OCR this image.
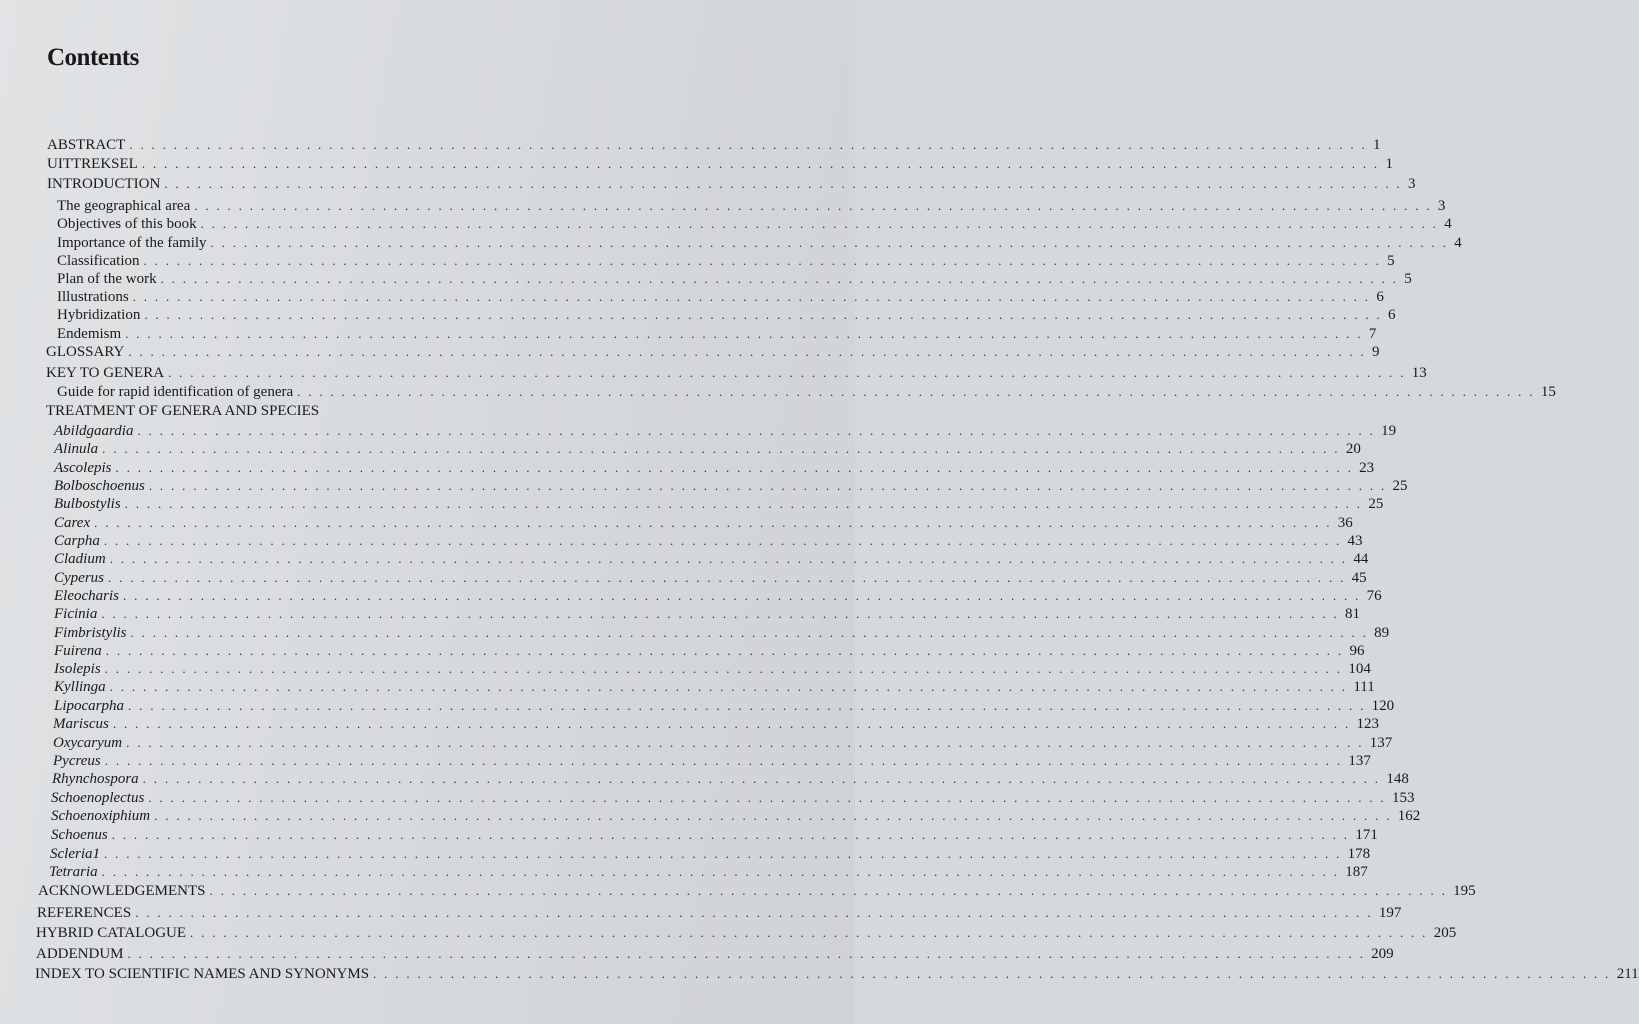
Contents
ABSTRACT . . . . . . . . . . . . . . . . . . . . . . . . . . . . . . . . . . . . . . . . . . . . . . . . . . . . . . . . . . . . . . . . . . . . . . . . . . . . . . . . . . . . . . . . . . . . . . . . . . . . . . . . . . . . . . . . 1
UITTREKSEL . . . . . . . . . . . . . . . . . . . . . . . . . . . . . . . . . . . . . . . . . . . . . . . . . . . . . . . . . . . . . . . . . . . . . . . . . . . . . . . . . . . . . . . . . . . . . . . . . . . . . . . . . . . . . . . . 1
INTRODUCTION . . . . . . . . . . . . . . . . . . . . . . . . . . . . . . . . . . . . . . . . . . . . . . . . . . . . . . . . . . . . . . . . . . . . . . . . . . . . . . . . . . . . . . . . . . . . . . . . . . . . . . . . . . . . . . . . 3
The geographical area . . . . . . . . . . . . . . . . . . . . . . . . . . . . . . . . . . . . . . . . . . . . . . . . . . . . . . . . . . . . . . . . . . . . . . . . . . . . . . . . . . . . . . . . . . . . . . . . . . . . . . . . . . . . . . . . 3
Objectives of this book . . . . . . . . . . . . . . . . . . . . . . . . . . . . . . . . . . . . . . . . . . . . . . . . . . . . . . . . . . . . . . . . . . . . . . . . . . . . . . . . . . . . . . . . . . . . . . . . . . . . . . . . . . . . . . . . 4
Importance of the family . . . . . . . . . . . . . . . . . . . . . . . . . . . . . . . . . . . . . . . . . . . . . . . . . . . . . . . . . . . . . . . . . . . . . . . . . . . . . . . . . . . . . . . . . . . . . . . . . . . . . . . . . . . . . . . . 4
Classification . . . . . . . . . . . . . . . . . . . . . . . . . . . . . . . . . . . . . . . . . . . . . . . . . . . . . . . . . . . . . . . . . . . . . . . . . . . . . . . . . . . . . . . . . . . . . . . . . . . . . . . . . . . . . . . . 5
Plan of the work . . . . . . . . . . . . . . . . . . . . . . . . . . . . . . . . . . . . . . . . . . . . . . . . . . . . . . . . . . . . . . . . . . . . . . . . . . . . . . . . . . . . . . . . . . . . . . . . . . . . . . . . . . . . . . . . 5
Illustrations . . . . . . . . . . . . . . . . . . . . . . . . . . . . . . . . . . . . . . . . . . . . . . . . . . . . . . . . . . . . . . . . . . . . . . . . . . . . . . . . . . . . . . . . . . . . . . . . . . . . . . . . . . . . . . . . 6
Hybridization . . . . . . . . . . . . . . . . . . . . . . . . . . . . . . . . . . . . . . . . . . . . . . . . . . . . . . . . . . . . . . . . . . . . . . . . . . . . . . . . . . . . . . . . . . . . . . . . . . . . . . . . . . . . . . . . 6
Endemism . . . . . . . . . . . . . . . . . . . . . . . . . . . . . . . . . . . . . . . . . . . . . . . . . . . . . . . . . . . . . . . . . . . . . . . . . . . . . . . . . . . . . . . . . . . . . . . . . . . . . . . . . . . . . . . . 7
GLOSSARY . . . . . . . . . . . . . . . . . . . . . . . . . . . . . . . . . . . . . . . . . . . . . . . . . . . . . . . . . . . . . . . . . . . . . . . . . . . . . . . . . . . . . . . . . . . . . . . . . . . . . . . . . . . . . . . . 9
KEY TO GENERA . . . . . . . . . . . . . . . . . . . . . . . . . . . . . . . . . . . . . . . . . . . . . . . . . . . . . . . . . . . . . . . . . . . . . . . . . . . . . . . . . . . . . . . . . . . . . . . . . . . . . . . . . . . . . . . . 13
Guide for rapid identification of genera . . . . . . . . . . . . . . . . . . . . . . . . . . . . . . . . . . . . . . . . . . . . . . . . . . . . . . . . . . . . . . . . . . . . . . . . . . . . . . . . . . . . . . . . . . . . . . . . . . . . . . . . . . . . . . . . 15
TREATMENT OF GENERA AND SPECIES
Abildgaardia . . . . . . . . . . . . . . . . . . . . . . . . . . . . . . . . . . . . . . . . . . . . . . . . . . . . . . . . . . . . . . . . . . . . . . . . . . . . . . . . . . . . . . . . . . . . . . . . . . . . . . . . . . . . . . . . 19
Alinula . . . . . . . . . . . . . . . . . . . . . . . . . . . . . . . . . . . . . . . . . . . . . . . . . . . . . . . . . . . . . . . . . . . . . . . . . . . . . . . . . . . . . . . . . . . . . . . . . . . . . . . . . . . . . . . . 20
Ascolepis . . . . . . . . . . . . . . . . . . . . . . . . . . . . . . . . . . . . . . . . . . . . . . . . . . . . . . . . . . . . . . . . . . . . . . . . . . . . . . . . . . . . . . . . . . . . . . . . . . . . . . . . . . . . . . . . 23
Bolboschoenus . . . . . . . . . . . . . . . . . . . . . . . . . . . . . . . . . . . . . . . . . . . . . . . . . . . . . . . . . . . . . . . . . . . . . . . . . . . . . . . . . . . . . . . . . . . . . . . . . . . . . . . . . . . . . . . . 25
Bulbostylis . . . . . . . . . . . . . . . . . . . . . . . . . . . . . . . . . . . . . . . . . . . . . . . . . . . . . . . . . . . . . . . . . . . . . . . . . . . . . . . . . . . . . . . . . . . . . . . . . . . . . . . . . . . . . . . . 25
Carex . . . . . . . . . . . . . . . . . . . . . . . . . . . . . . . . . . . . . . . . . . . . . . . . . . . . . . . . . . . . . . . . . . . . . . . . . . . . . . . . . . . . . . . . . . . . . . . . . . . . . . . . . . . . . . . . 36
Carpha . . . . . . . . . . . . . . . . . . . . . . . . . . . . . . . . . . . . . . . . . . . . . . . . . . . . . . . . . . . . . . . . . . . . . . . . . . . . . . . . . . . . . . . . . . . . . . . . . . . . . . . . . . . . . . . . 43
Cladium . . . . . . . . . . . . . . . . . . . . . . . . . . . . . . . . . . . . . . . . . . . . . . . . . . . . . . . . . . . . . . . . . . . . . . . . . . . . . . . . . . . . . . . . . . . . . . . . . . . . . . . . . . . . . . . . 44
Cyperus . . . . . . . . . . . . . . . . . . . . . . . . . . . . . . . . . . . . . . . . . . . . . . . . . . . . . . . . . . . . . . . . . . . . . . . . . . . . . . . . . . . . . . . . . . . . . . . . . . . . . . . . . . . . . . . . 45
Eleocharis . . . . . . . . . . . . . . . . . . . . . . . . . . . . . . . . . . . . . . . . . . . . . . . . . . . . . . . . . . . . . . . . . . . . . . . . . . . . . . . . . . . . . . . . . . . . . . . . . . . . . . . . . . . . . . . . 76
Ficinia . . . . . . . . . . . . . . . . . . . . . . . . . . . . . . . . . . . . . . . . . . . . . . . . . . . . . . . . . . . . . . . . . . . . . . . . . . . . . . . . . . . . . . . . . . . . . . . . . . . . . . . . . . . . . . . . 81
Fimbristylis . . . . . . . . . . . . . . . . . . . . . . . . . . . . . . . . . . . . . . . . . . . . . . . . . . . . . . . . . . . . . . . . . . . . . . . . . . . . . . . . . . . . . . . . . . . . . . . . . . . . . . . . . . . . . . . . 89
Fuirena . . . . . . . . . . . . . . . . . . . . . . . . . . . . . . . . . . . . . . . . . . . . . . . . . . . . . . . . . . . . . . . . . . . . . . . . . . . . . . . . . . . . . . . . . . . . . . . . . . . . . . . . . . . . . . . . 96
Isolepis . . . . . . . . . . . . . . . . . . . . . . . . . . . . . . . . . . . . . . . . . . . . . . . . . . . . . . . . . . . . . . . . . . . . . . . . . . . . . . . . . . . . . . . . . . . . . . . . . . . . . . . . . . . . . . . . 104
Kyllinga . . . . . . . . . . . . . . . . . . . . . . . . . . . . . . . . . . . . . . . . . . . . . . . . . . . . . . . . . . . . . . . . . . . . . . . . . . . . . . . . . . . . . . . . . . . . . . . . . . . . . . . . . . . . . . . . 111
Lipocarpha . . . . . . . . . . . . . . . . . . . . . . . . . . . . . . . . . . . . . . . . . . . . . . . . . . . . . . . . . . . . . . . . . . . . . . . . . . . . . . . . . . . . . . . . . . . . . . . . . . . . . . . . . . . . . . . . 120
Mariscus . . . . . . . . . . . . . . . . . . . . . . . . . . . . . . . . . . . . . . . . . . . . . . . . . . . . . . . . . . . . . . . . . . . . . . . . . . . . . . . . . . . . . . . . . . . . . . . . . . . . . . . . . . . . . . . . 123
Oxycaryum . . . . . . . . . . . . . . . . . . . . . . . . . . . . . . . . . . . . . . . . . . . . . . . . . . . . . . . . . . . . . . . . . . . . . . . . . . . . . . . . . . . . . . . . . . . . . . . . . . . . . . . . . . . . . . . . 137
Pycreus . . . . . . . . . . . . . . . . . . . . . . . . . . . . . . . . . . . . . . . . . . . . . . . . . . . . . . . . . . . . . . . . . . . . . . . . . . . . . . . . . . . . . . . . . . . . . . . . . . . . . . . . . . . . . . . . 137
Rhynchospora . . . . . . . . . . . . . . . . . . . . . . . . . . . . . . . . . . . . . . . . . . . . . . . . . . . . . . . . . . . . . . . . . . . . . . . . . . . . . . . . . . . . . . . . . . . . . . . . . . . . . . . . . . . . . . . . 148
Schoenoplectus . . . . . . . . . . . . . . . . . . . . . . . . . . . . . . . . . . . . . . . . . . . . . . . . . . . . . . . . . . . . . . . . . . . . . . . . . . . . . . . . . . . . . . . . . . . . . . . . . . . . . . . . . . . . . . . . 153
Schoenoxiphium . . . . . . . . . . . . . . . . . . . . . . . . . . . . . . . . . . . . . . . . . . . . . . . . . . . . . . . . . . . . . . . . . . . . . . . . . . . . . . . . . . . . . . . . . . . . . . . . . . . . . . . . . . . . . . . . 162
Schoenus . . . . . . . . . . . . . . . . . . . . . . . . . . . . . . . . . . . . . . . . . . . . . . . . . . . . . . . . . . . . . . . . . . . . . . . . . . . . . . . . . . . . . . . . . . . . . . . . . . . . . . . . . . . . . . . . 171
Scleria1 . . . . . . . . . . . . . . . . . . . . . . . . . . . . . . . . . . . . . . . . . . . . . . . . . . . . . . . . . . . . . . . . . . . . . . . . . . . . . . . . . . . . . . . . . . . . . . . . . . . . . . . . . . . . . . . . 178
Tetraria . . . . . . . . . . . . . . . . . . . . . . . . . . . . . . . . . . . . . . . . . . . . . . . . . . . . . . . . . . . . . . . . . . . . . . . . . . . . . . . . . . . . . . . . . . . . . . . . . . . . . . . . . . . . . . . . 187
ACKNOWLEDGEMENTS . . . . . . . . . . . . . . . . . . . . . . . . . . . . . . . . . . . . . . . . . . . . . . . . . . . . . . . . . . . . . . . . . . . . . . . . . . . . . . . . . . . . . . . . . . . . . . . . . . . . . . . . . . . . . . . . 195
REFERENCES . . . . . . . . . . . . . . . . . . . . . . . . . . . . . . . . . . . . . . . . . . . . . . . . . . . . . . . . . . . . . . . . . . . . . . . . . . . . . . . . . . . . . . . . . . . . . . . . . . . . . . . . . . . . . . . . 197
HYBRID CATALOGUE . . . . . . . . . . . . . . . . . . . . . . . . . . . . . . . . . . . . . . . . . . . . . . . . . . . . . . . . . . . . . . . . . . . . . . . . . . . . . . . . . . . . . . . . . . . . . . . . . . . . . . . . . . . . . . . . 205
ADDENDUM . . . . . . . . . . . . . . . . . . . . . . . . . . . . . . . . . . . . . . . . . . . . . . . . . . . . . . . . . . . . . . . . . . . . . . . . . . . . . . . . . . . . . . . . . . . . . . . . . . . . . . . . . . . . . . . . 209
INDEX TO SCIENTIFIC NAMES AND SYNONYMS . . . . . . . . . . . . . . . . . . . . . . . . . . . . . . . . . . . . . . . . . . . . . . . . . . . . . . . . . . . . . . . . . . . . . . . . . . . . . . . . . . . . . . . . . . . . . . . . . . . . . . . . . . . . . . . . 211
